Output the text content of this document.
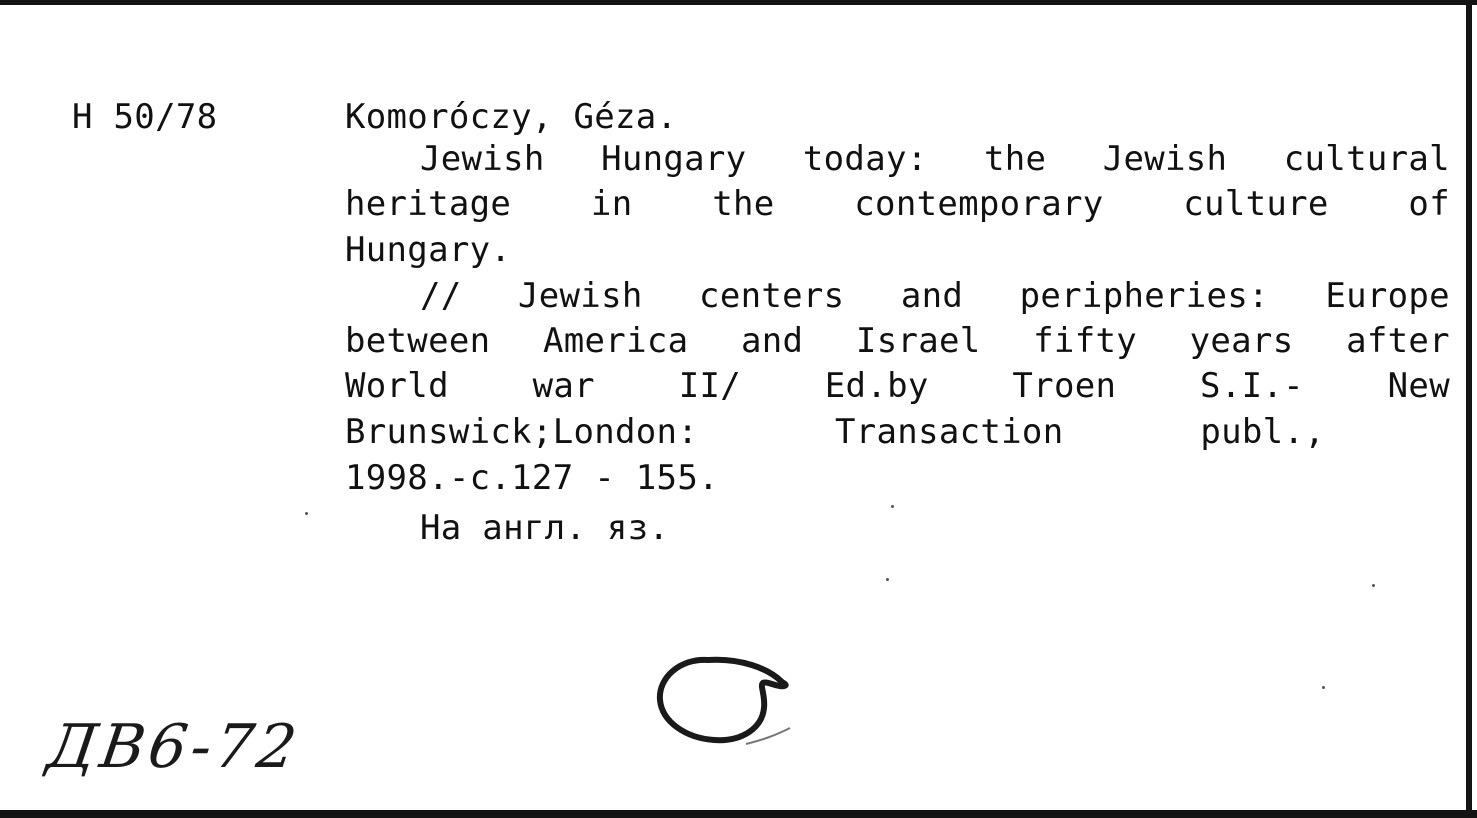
H 50/78	Komoróczy, Géza.
Jewish Hungary today: the Jewish cultural
heritage in the contemporary culture of
Hungary.
// Jewish centers and peripheries: Europe
between America and Israel fifty years after
World war II/ Ed.by Troen S.I.- New
Brunswick;London:	Transaction	publ.,
1998.-c.127 - 155.
На англ. яз.
ДВ6-72
